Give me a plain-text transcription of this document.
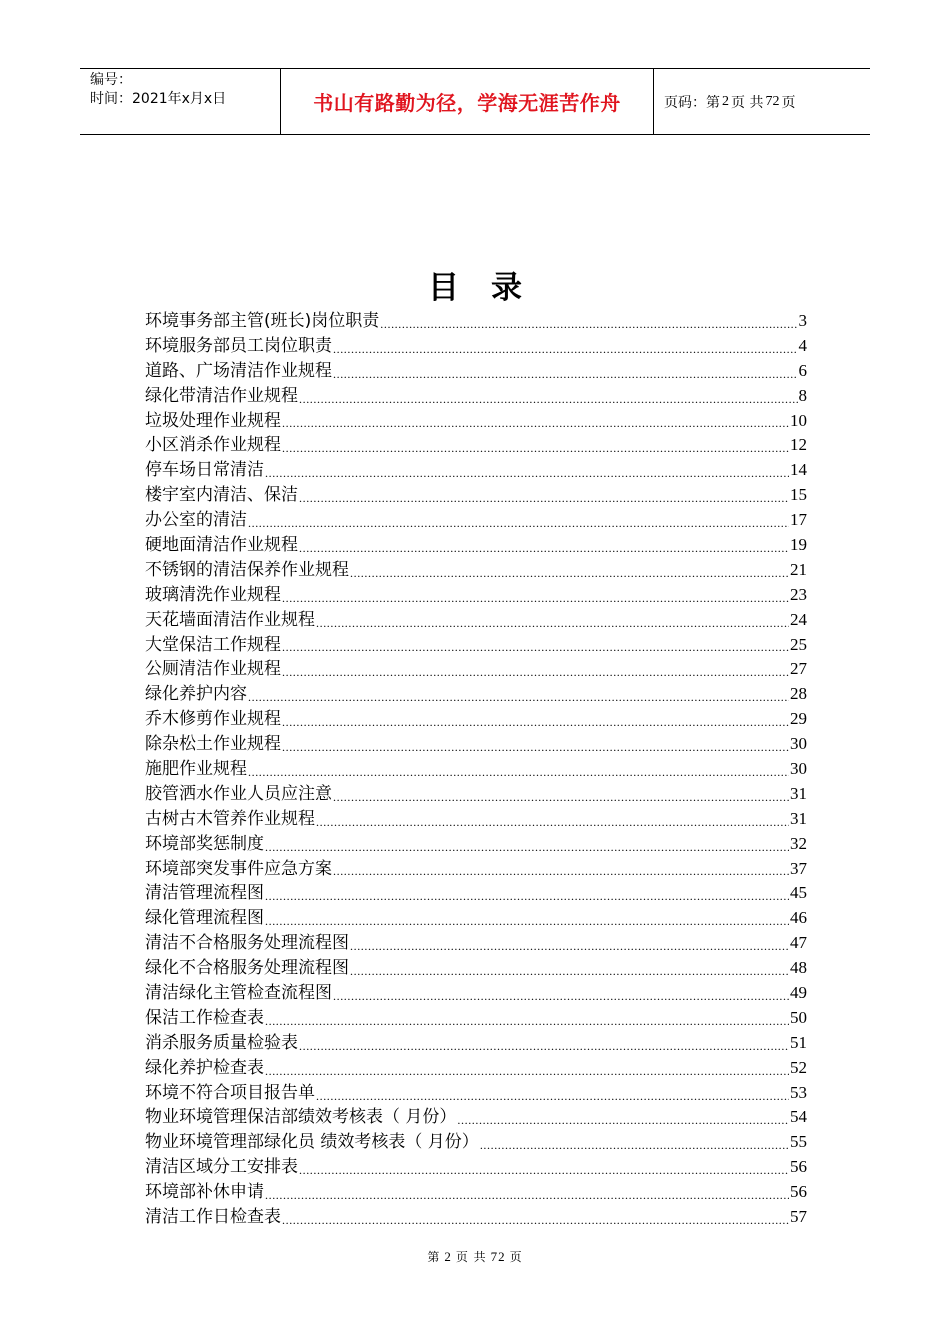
编号：
时间：2021年x月x日	书山有路勤为径，学海无涯苦作舟	页码：第 2 页 共 72 页
目录
环境事务部主管(班长)岗位职责 .....	3
环境服务部员工岗位职责 .....	4
道路、广场清洁作业规程 .....	6
绿化带清洁作业规程 .....	8
垃圾处理作业规程 .....	10
小区消杀作业规程 .....	12
停车场日常清洁 .....	14
楼宇室内清洁、保洁 .....	15
办公室的清洁 .....	17
硬地面清洁作业规程 .....	19
不锈钢的清洁保养作业规程 .....	21
玻璃清洗作业规程 .....	23
天花墙面清洁作业规程 .....	24
大堂保洁工作规程 .....	25
公厕清洁作业规程 .....	27
绿化养护内容 .....	28
乔木修剪作业规程 .....	29
除杂松土作业规程 .....	30
施肥作业规程 .....	30
胶管洒水作业人员应注意 .....	31
古树古木管养作业规程 .....	31
环境部奖惩制度 .....	32
环境部突发事件应急方案 .....	37
清洁管理流程图 .....	45
绿化管理流程图 .....	46
清洁不合格服务处理流程图 .....	47
绿化不合格服务处理流程图 .....	48
清洁绿化主管检查流程图 .....	49
保洁工作检查表 .....	50
消杀服务质量检验表 .....	51
绿化养护检查表 .....	52
环境不符合项目报告单 .....	53
物业环境管理保洁部绩效考核表（ 月份） .....	54
物业环境管理部绿化员 绩效考核表（ 月份） .....	55
清洁区域分工安排表 .....	56
环境部补休申请 .....	56
清洁工作日检查表 .....	57
第 2 页 共 72 页
